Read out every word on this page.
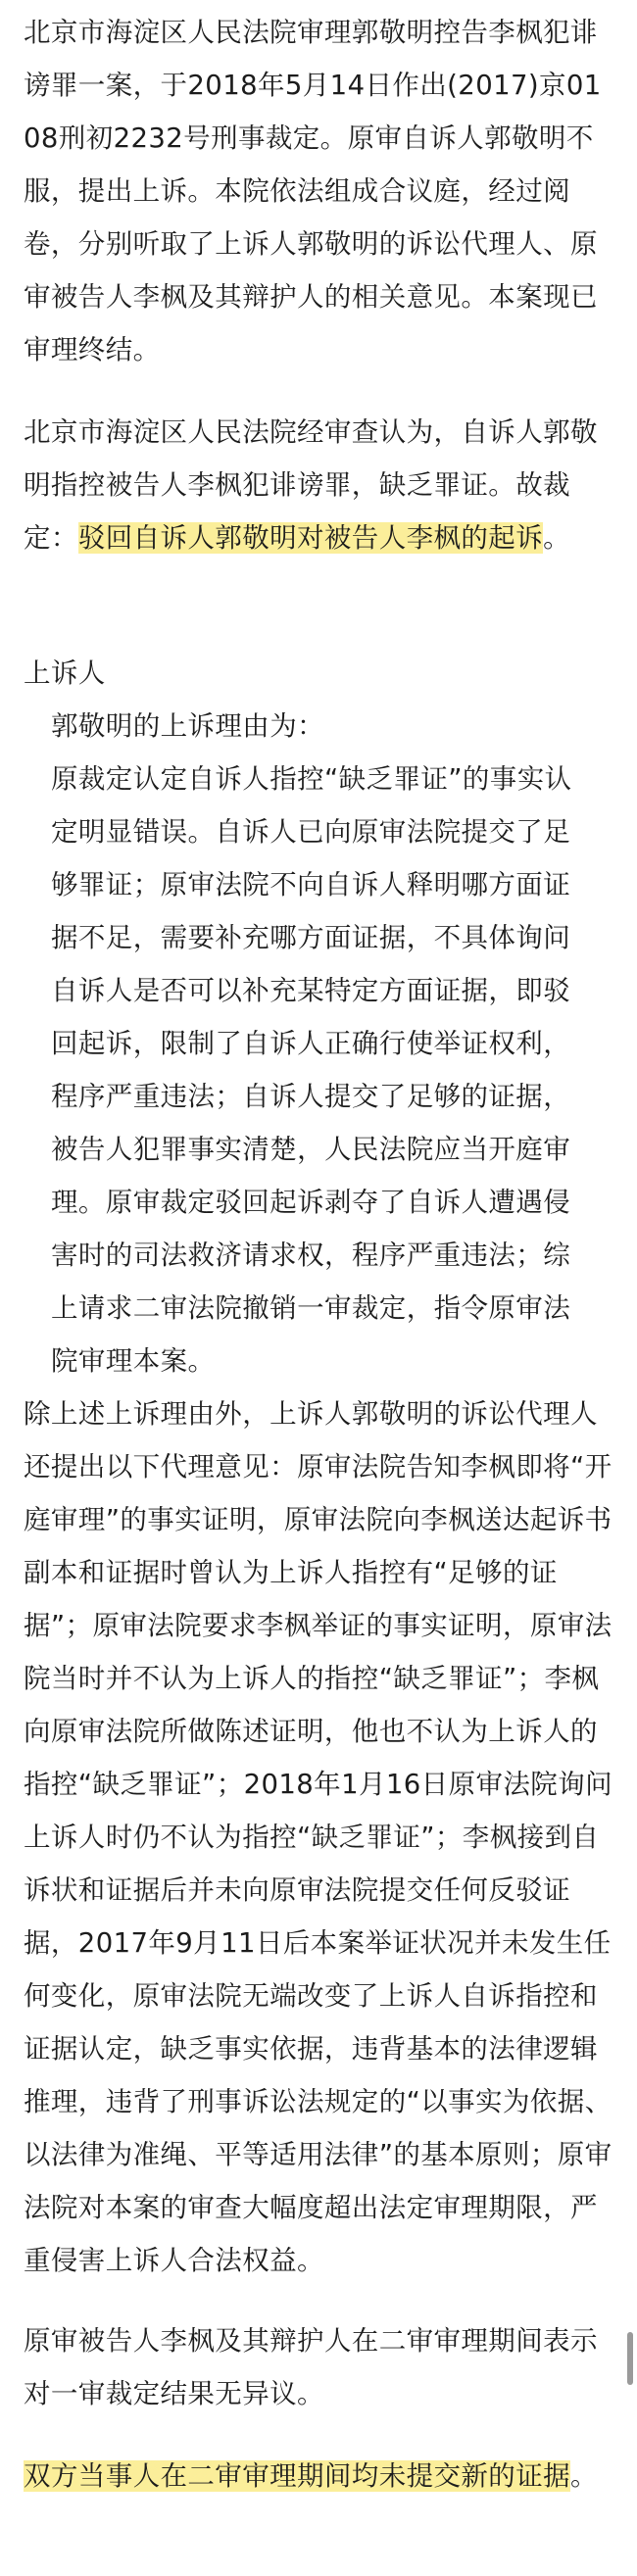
北京市海淀区人民法院审理郭敬明控告李枫犯诽谤罪一案，于2018年5月14日作出(2017)京0108刑初2232号刑事裁定。原审自诉人郭敬明不服，提出上诉。本院依法组成合议庭，经过阅卷，分别听取了上诉人郭敬明的诉讼代理人、原审被告人李枫及其辩护人的相关意见。本案现已审理终结。

北京市海淀区人民法院经审查认为，自诉人郭敬明指控被告人李枫犯诽谤罪，缺乏罪证。故裁定：驳回自诉人郭敬明对被告人李枫的起诉。

上诉人

郭敬明的上诉理由为：

原裁定认定自诉人指控“缺乏罪证”的事实认定明显错误。自诉人已向原审法院提交了足够罪证；原审法院不向自诉人释明哪方面证据不足，需要补充哪方面证据，不具体询问自诉人是否可以补充某特定方面证据，即驳回起诉，限制了自诉人正确行使举证权利，程序严重违法；自诉人提交了足够的证据，被告人犯罪事实清楚，人民法院应当开庭审理。原审裁定驳回起诉剥夺了自诉人遭遇侵害时的司法救济请求权，程序严重违法；综上请求二审法院撤销一审裁定，指令原审法院审理本案。

除上述上诉理由外，上诉人郭敬明的诉讼代理人还提出以下代理意见：原审法院告知李枫即将“开庭审理”的事实证明，原审法院向李枫送达起诉书副本和证据时曾认为上诉人指控有“足够的证据”；原审法院要求李枫举证的事实证明，原审法院当时并不认为上诉人的指控“缺乏罪证”；李枫向原审法院所做陈述证明，他也不认为上诉人的指控“缺乏罪证”；2018年1月16日原审法院询问上诉人时仍不认为指控“缺乏罪证”；李枫接到自诉状和证据后并未向原审法院提交任何反驳证据，2017年9月11日后本案举证状况并未发生任何变化，原审法院无端改变了上诉人自诉指控和证据认定，缺乏事实依据，违背基本的法律逻辑推理，违背了刑事诉讼法规定的“以事实为依据、以法律为准绳、平等适用法律”的基本原则；原审法院对本案的审查大幅度超出法定审理期限，严重侵害上诉人合法权益。

原审被告人李枫及其辩护人在二审审理期间表示对一审裁定结果无异议。

双方当事人在二审审理期间均未提交新的证据。
